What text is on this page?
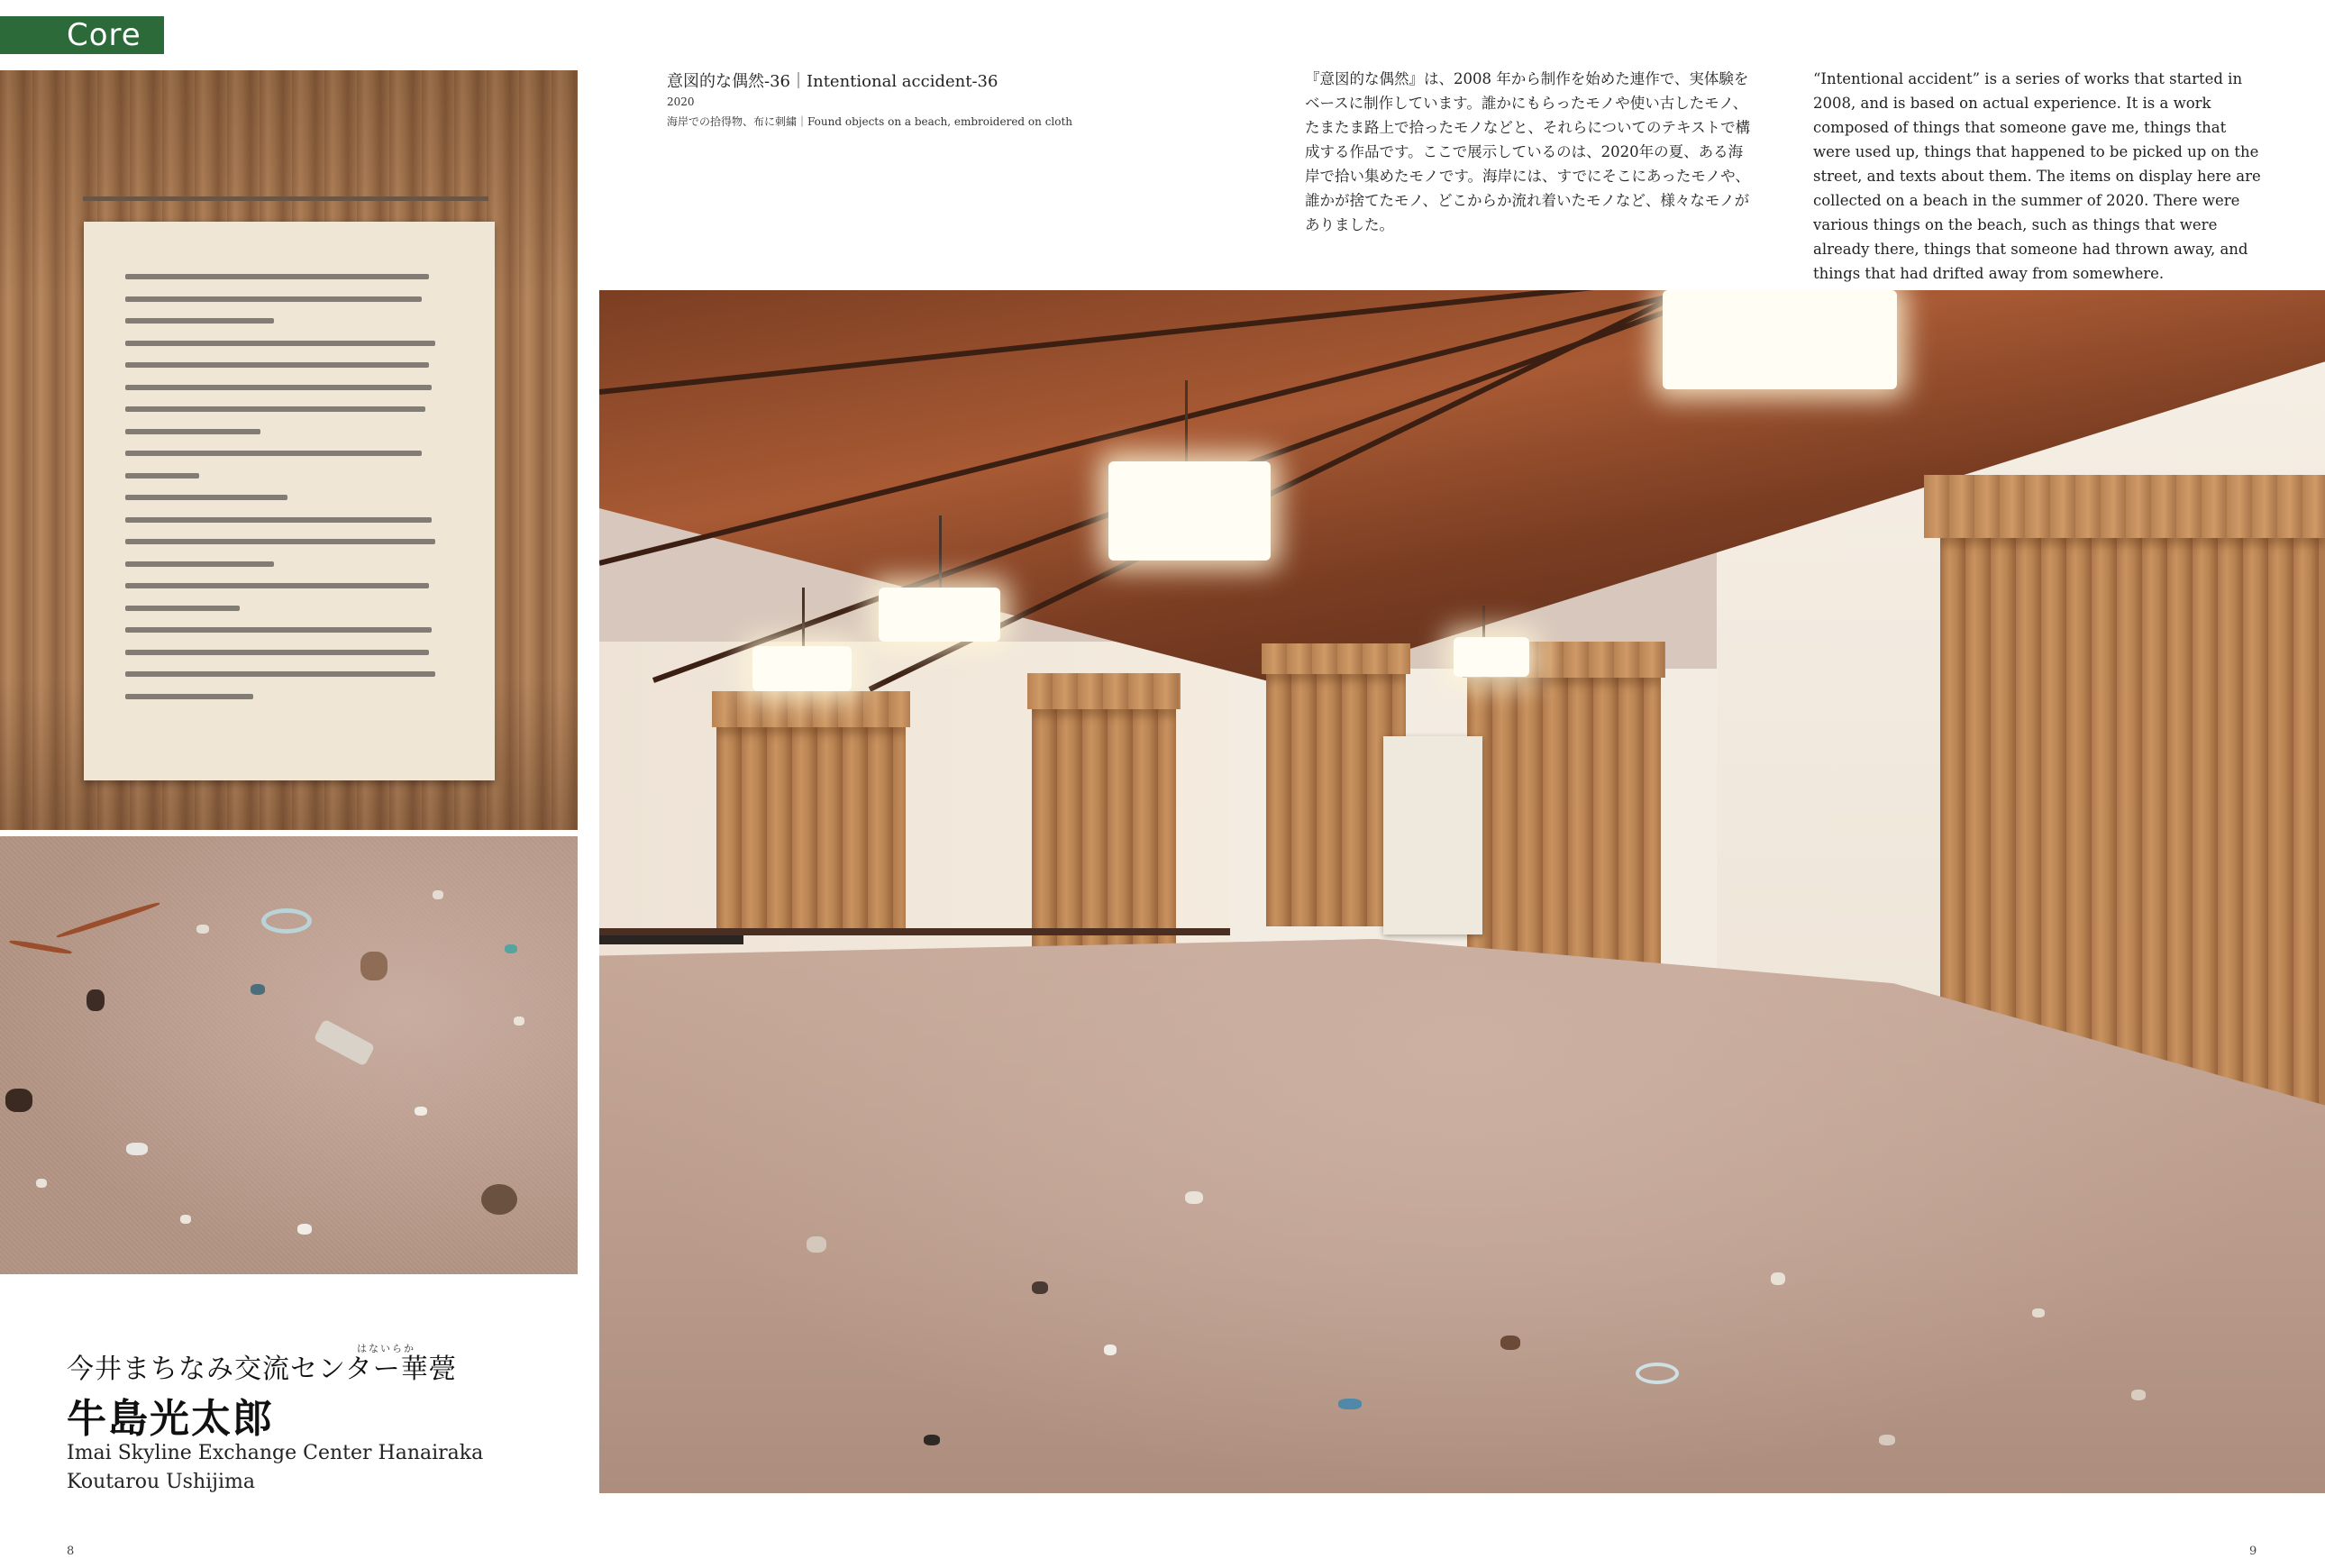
Core
意図的な偶然-36｜Intentional accident-36
2020
海岸での拾得物、布に刺繍｜Found objects on a beach, embroidered on cloth
『意図的な偶然』は、2008 年から制作を始めた連作で、実体験をベースに制作しています。誰かにもらったモノや使い古したモノ、たまたま路上で拾ったモノなどと、それらについてのテキストで構成する作品です。ここで展示しているのは、2020年の夏、ある海岸で拾い集めたモノです。海岸には、すでにそこにあったモノや、誰かが捨てたモノ、どこからか流れ着いたモノなど、様々なモノがありました。
“Intentional accident” is a series of works that started in 2008, and is based on actual experience. It is a work composed of things that someone gave me, things that were used up, things that happened to be picked up on the street, and texts about them. The items on display here are collected on a beach in the summer of 2020. There were various things on the beach, such as things that were already there, things that someone had thrown away, and things that had drifted away from somewhere.
はないらか
今井まちなみ交流センター華甍
牛島光太郎
Imai Skyline Exchange Center Hanairaka
Koutarou Ushijima
8	9
